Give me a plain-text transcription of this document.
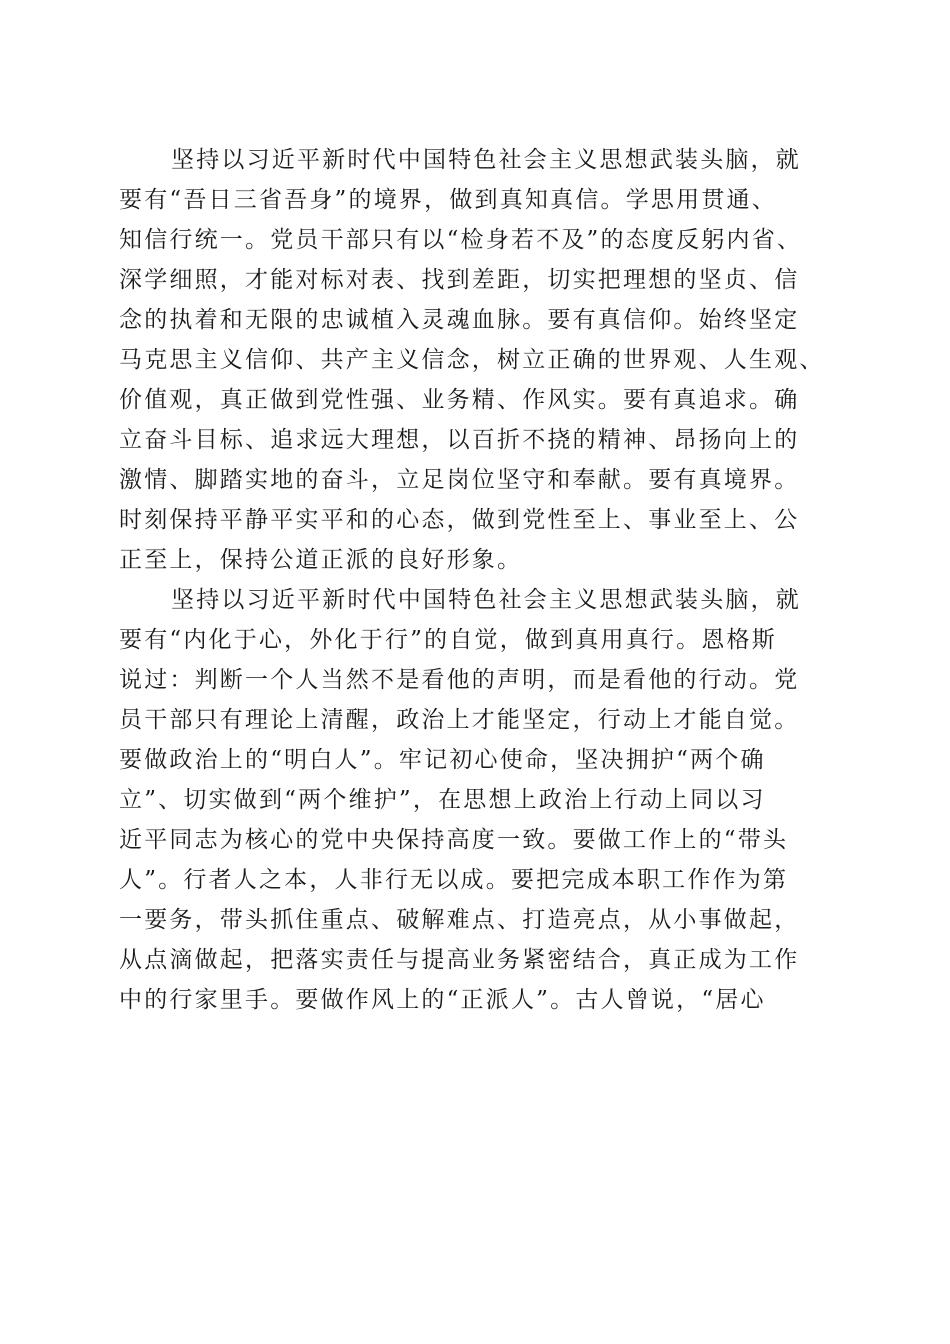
坚持以习近平新时代中国特色社会主义思想武装头脑，就
要有“吾日三省吾身”的境界，做到真知真信。学思用贯通、
知信行统一。党员干部只有以“检身若不及”的态度反躬内省、
深学细照，才能对标对表、找到差距，切实把理想的坚贞、信
念的执着和无限的忠诚植入灵魂血脉。要有真信仰。始终坚定
马克思主义信仰、共产主义信念，树立正确的世界观、人生观、
价值观，真正做到党性强、业务精、作风实。要有真追求。确
立奋斗目标、追求远大理想，以百折不挠的精神、昂扬向上的
激情、脚踏实地的奋斗，立足岗位坚守和奉献。要有真境界。
时刻保持平静平实平和的心态，做到党性至上、事业至上、公
正至上，保持公道正派的良好形象。
坚持以习近平新时代中国特色社会主义思想武装头脑，就
要有“内化于心，外化于行”的自觉，做到真用真行。恩格斯
说过：判断一个人当然不是看他的声明，而是看他的行动。党
员干部只有理论上清醒，政治上才能坚定，行动上才能自觉。
要做政治上的“明白人”。牢记初心使命，坚决拥护“两个确
立”、切实做到“两个维护”，在思想上政治上行动上同以习
近平同志为核心的党中央保持高度一致。要做工作上的“带头
人”。行者人之本，人非行无以成。要把完成本职工作作为第
一要务，带头抓住重点、破解难点、打造亮点，从小事做起，
从点滴做起，把落实责任与提高业务紧密结合，真正成为工作
中的行家里手。要做作风上的“正派人”。古人曾说，“居心
